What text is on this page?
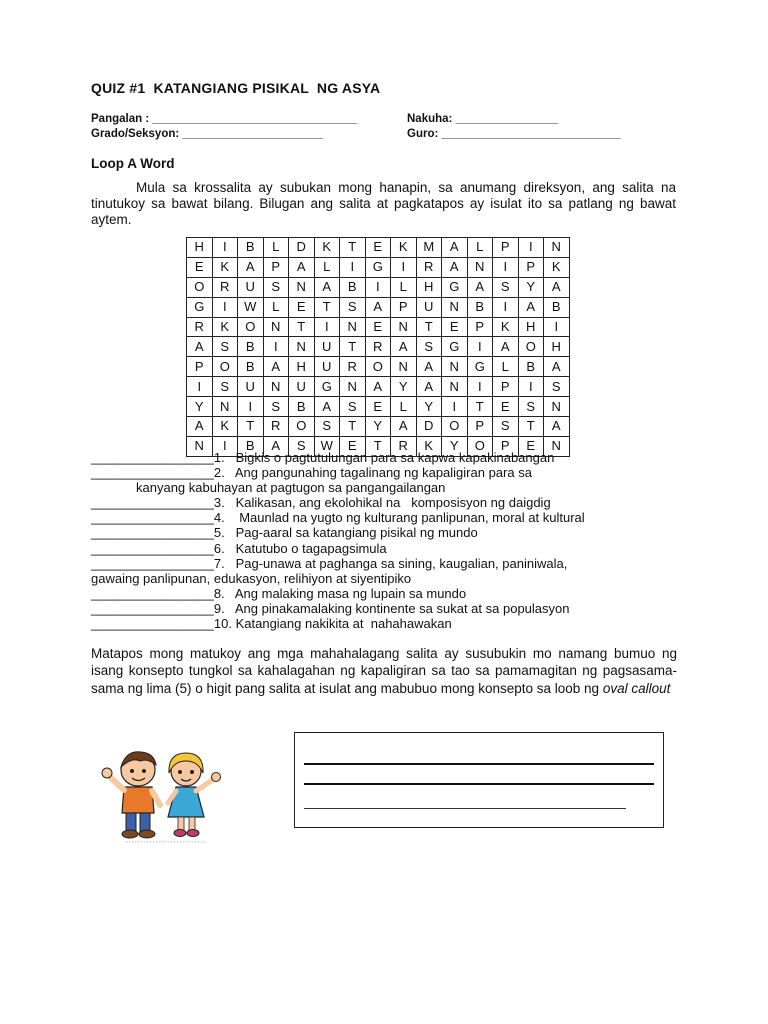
QUIZ #1  KATANGIANG PISIKAL  NG ASYA
Pangalan : ________________________________	Nakuha: ________________
Grado/Seksyon: ______________________	Guro: ____________________________
Loop A Word
Mula sa krossalita ay subukan mong hanapin, sa anumang direksyon, ang salita na tinutukoy sa bawat bilang. Bilugan ang salita at pagkatapos ay isulat ito sa patlang ng bawat aytem.
H	I	B	L	D	K	T	E	K	M	A	L	P	I	N
E	K	A	P	A	L	I	G	I	R	A	N	I	P	K
O	R	U	S	N	A	B	I	L	H	G	A	S	Y	A
G	I	W	L	E	T	S	A	P	U	N	B	I	A	B
R	K	O	N	T	I	N	E	N	T	E	P	K	H	I
A	S	B	I	N	U	T	R	A	S	G	I	A	O	H
P	O	B	A	H	U	R	O	N	A	N	G	L	B	A
I	S	U	N	U	G	N	A	Y	A	N	I	P	I	S
Y	N	I	S	B	A	S	E	L	Y	I	T	E	S	N
A	K	T	R	O	S	T	Y	A	D	O	P	S	T	A
N	I	B	A	S	W	E	T	R	K	Y	O	P	E	N
_________________1.   Bigkis o pagtutulungan para sa kapwa kapakinabangan
_________________2.   Ang pangunahing tagalinang ng kapaligiran para sa
kanyang kabuhayan at pagtugon sa pangangailangan
_________________3.   Kalikasan, ang ekolohikal na   komposisyon ng daigdig
_________________4.    Maunlad na yugto ng kulturang panlipunan, moral at kultural
_________________5.   Pag-aaral sa katangiang pisikal ng mundo
_________________6.   Katutubo o tagapagsimula
_________________7.   Pag-unawa at paghanga sa sining, kaugalian, paniniwala,
gawaing panlipunan, edukasyon, relihiyon at siyentipiko
_________________8.   Ang malaking masa ng lupain sa mundo
_________________9.   Ang pinakamalaking kontinente sa sukat at sa populasyon
_________________10. Katangiang nakikita at  nahahawakan
Matapos mong matukoy ang mga mahahalagang salita ay susubukin mo namang bumuo ng isang konsepto tungkol sa kahalagahan ng kapaligiran sa tao sa pamamagitan ng pagsasama-sama ng lima (5) o higit pang salita at isulat ang mabubuo mong konsepto sa loob ng oval callout
